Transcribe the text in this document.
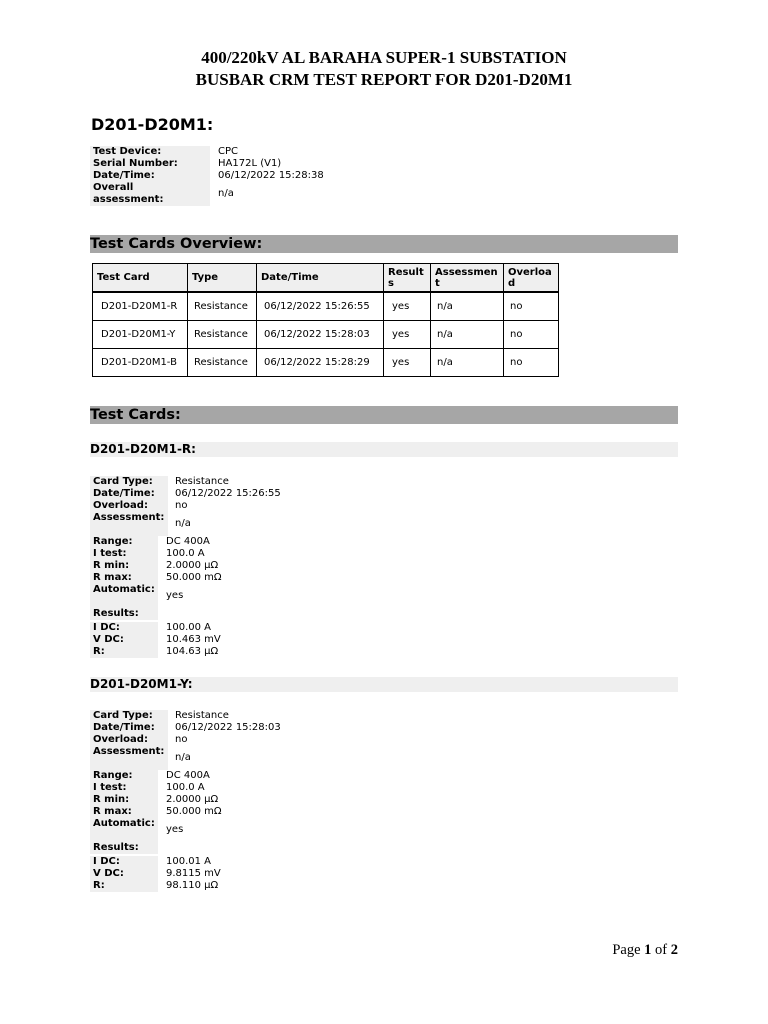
400/220kV AL BARAHA SUPER-1 SUBSTATION
BUSBAR CRM TEST REPORT FOR D201-D20M1
D201-D20M1:
Test Device:	CPC
Serial Number:	HA172L (V1)
Date/Time:	06/12/2022 15:28:38
Overall assessment:
n/a
Test Cards Overview:
Test Card	Type	Date/Time	Results	Assessment	Overload
D201-D20M1-R	Resistance	06/12/2022 15:26:55	yes	n/a	no
D201-D20M1-Y	Resistance	06/12/2022 15:28:03	yes	n/a	no
D201-D20M1-B	Resistance	06/12/2022 15:28:29	yes	n/a	no
Test Cards:
D201-D20M1-R:
Card Type:	Resistance
Date/Time:	06/12/2022 15:26:55
Overload:	no
Assessment:
n/a
Range:	DC 400A
I test:	100.0 A
R min:	2.0000 µΩ
R max:	50.000 mΩ
Automatic:
yes
Results:
I DC:	100.00 A
V DC:	10.463 mV
R:	104.63 µΩ
D201-D20M1-Y:
Card Type:	Resistance
Date/Time:	06/12/2022 15:28:03
Overload:	no
Assessment:
n/a
Range:	DC 400A
I test:	100.0 A
R min:	2.0000 µΩ
R max:	50.000 mΩ
Automatic:
yes
Results:
I DC:	100.01 A
V DC:	9.8115 mV
R:	98.110 µΩ
Page 1 of 2
